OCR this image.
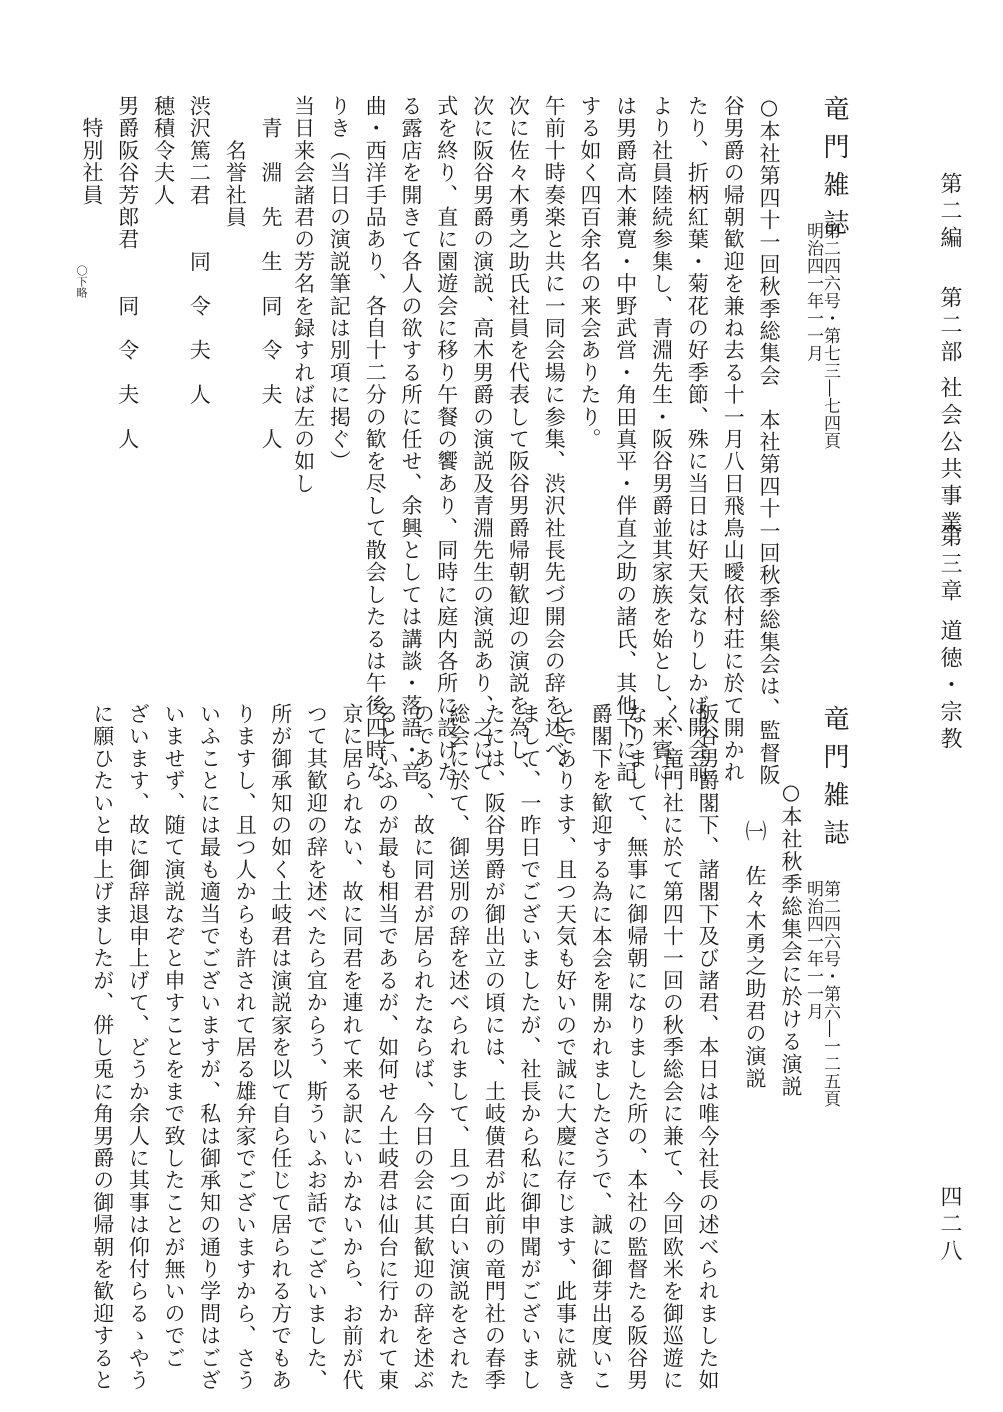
第二編
第二部
社会公共事業
第三章
道徳・宗教
四二八
竜門雑誌
第二四六号・第七三―七四頁
明治四一年一一月
○本社第四十一回秋季総集会　本社第四十一回秋季総集会は、監督阪
谷男爵の帰朝歓迎を兼ね去る十一月八日飛鳥山曖依村荘に於て開かれ
たり、折柄紅葉・菊花の好季節、殊に当日は好天気なりしかば開会前
より社員陸続参集し、青淵先生・阪谷男爵並其家族を始とし、来賓に
は男爵高木兼寛・中野武営・角田真平・伴直之助の諸氏、其他下に記
する如く四百余名の来会ありたり。
午前十時奏楽と共に一同会場に参集、渋沢社長先づ開会の辞を述べ、
次に佐々木勇之助氏社員を代表して阪谷男爵帰朝歓迎の演説を為し、
次に阪谷男爵の演説、高木男爵の演説及青淵先生の演説あり、之にて
式を終り、直に園遊会に移り午餐の饗あり、同時に庭内各所に設けた
る露店を開きて各人の欲する所に任せ、余興としては講談・落語・音
曲・西洋手品あり、各自十二分の歓を尽して散会したるは午後四時な
りき（当日の演説筆記は別項に掲ぐ）
当日来会諸君の芳名を録すれば左の如し
　青　淵　先　生　同　令　夫　人
　　名誉社員
渋沢篤二君　　同　令　夫　人
穂積令夫人
男爵阪谷芳郎君　　同　令　夫　人
　特別社員
〇下略
竜門雑誌
第二四六号・第六―一二五頁
明治四一年一一月
○本社秋季総集会に於ける演説
㈠　佐々木勇之助君の演説
阪谷男爵閣下、諸閣下及び諸君、本日は唯今社長の述べられました如
く、竜門社に於て第四十一回の秋季総会に兼て、今回欧米を御巡遊に
なりまして、無事に御帰朝になりました所の、本社の監督たる阪谷男
爵閣下を歓迎する為に本会を開かれましたさうで、誠に御芽出度いこ
とであります、且つ天気も好いので誠に大慶に存じます、此事に就き
まして、一昨日でございましたが、社長から私に御申聞がございまし
たには、阪谷男爵が御出立の頃には、土岐僙君が此前の竜門社の春季
総会に於て、御送別の辞を述べられまして、且つ面白い演説をされた
のである、故に同君が居られたならば、今日の会に其歓迎の辞を述ぶ
るといふのが最も相当であるが、如何せん土岐君は仙台に行かれて東
京に居られない、故に同君を連れて来る訳にいかないから、お前が代
つて其歓迎の辞を述べたら宜からう、斯ういふお話でございました、
所が御承知の如く土岐君は演説家を以て自ら任じて居られる方でもあ
りますし、且つ人からも許されて居る雄弁家でございますから、さう
いふことには最も適当でございますが、私は御承知の通り学問はござ
いませず、随て演説なぞと申すことをまで致したことが無いのでご
ざいます、故に御辞退申上げて、どうか余人に其事は仰付らるゝやう
に願ひたいと申上げましたが、併し兎に角男爵の御帰朝を歓迎すると
